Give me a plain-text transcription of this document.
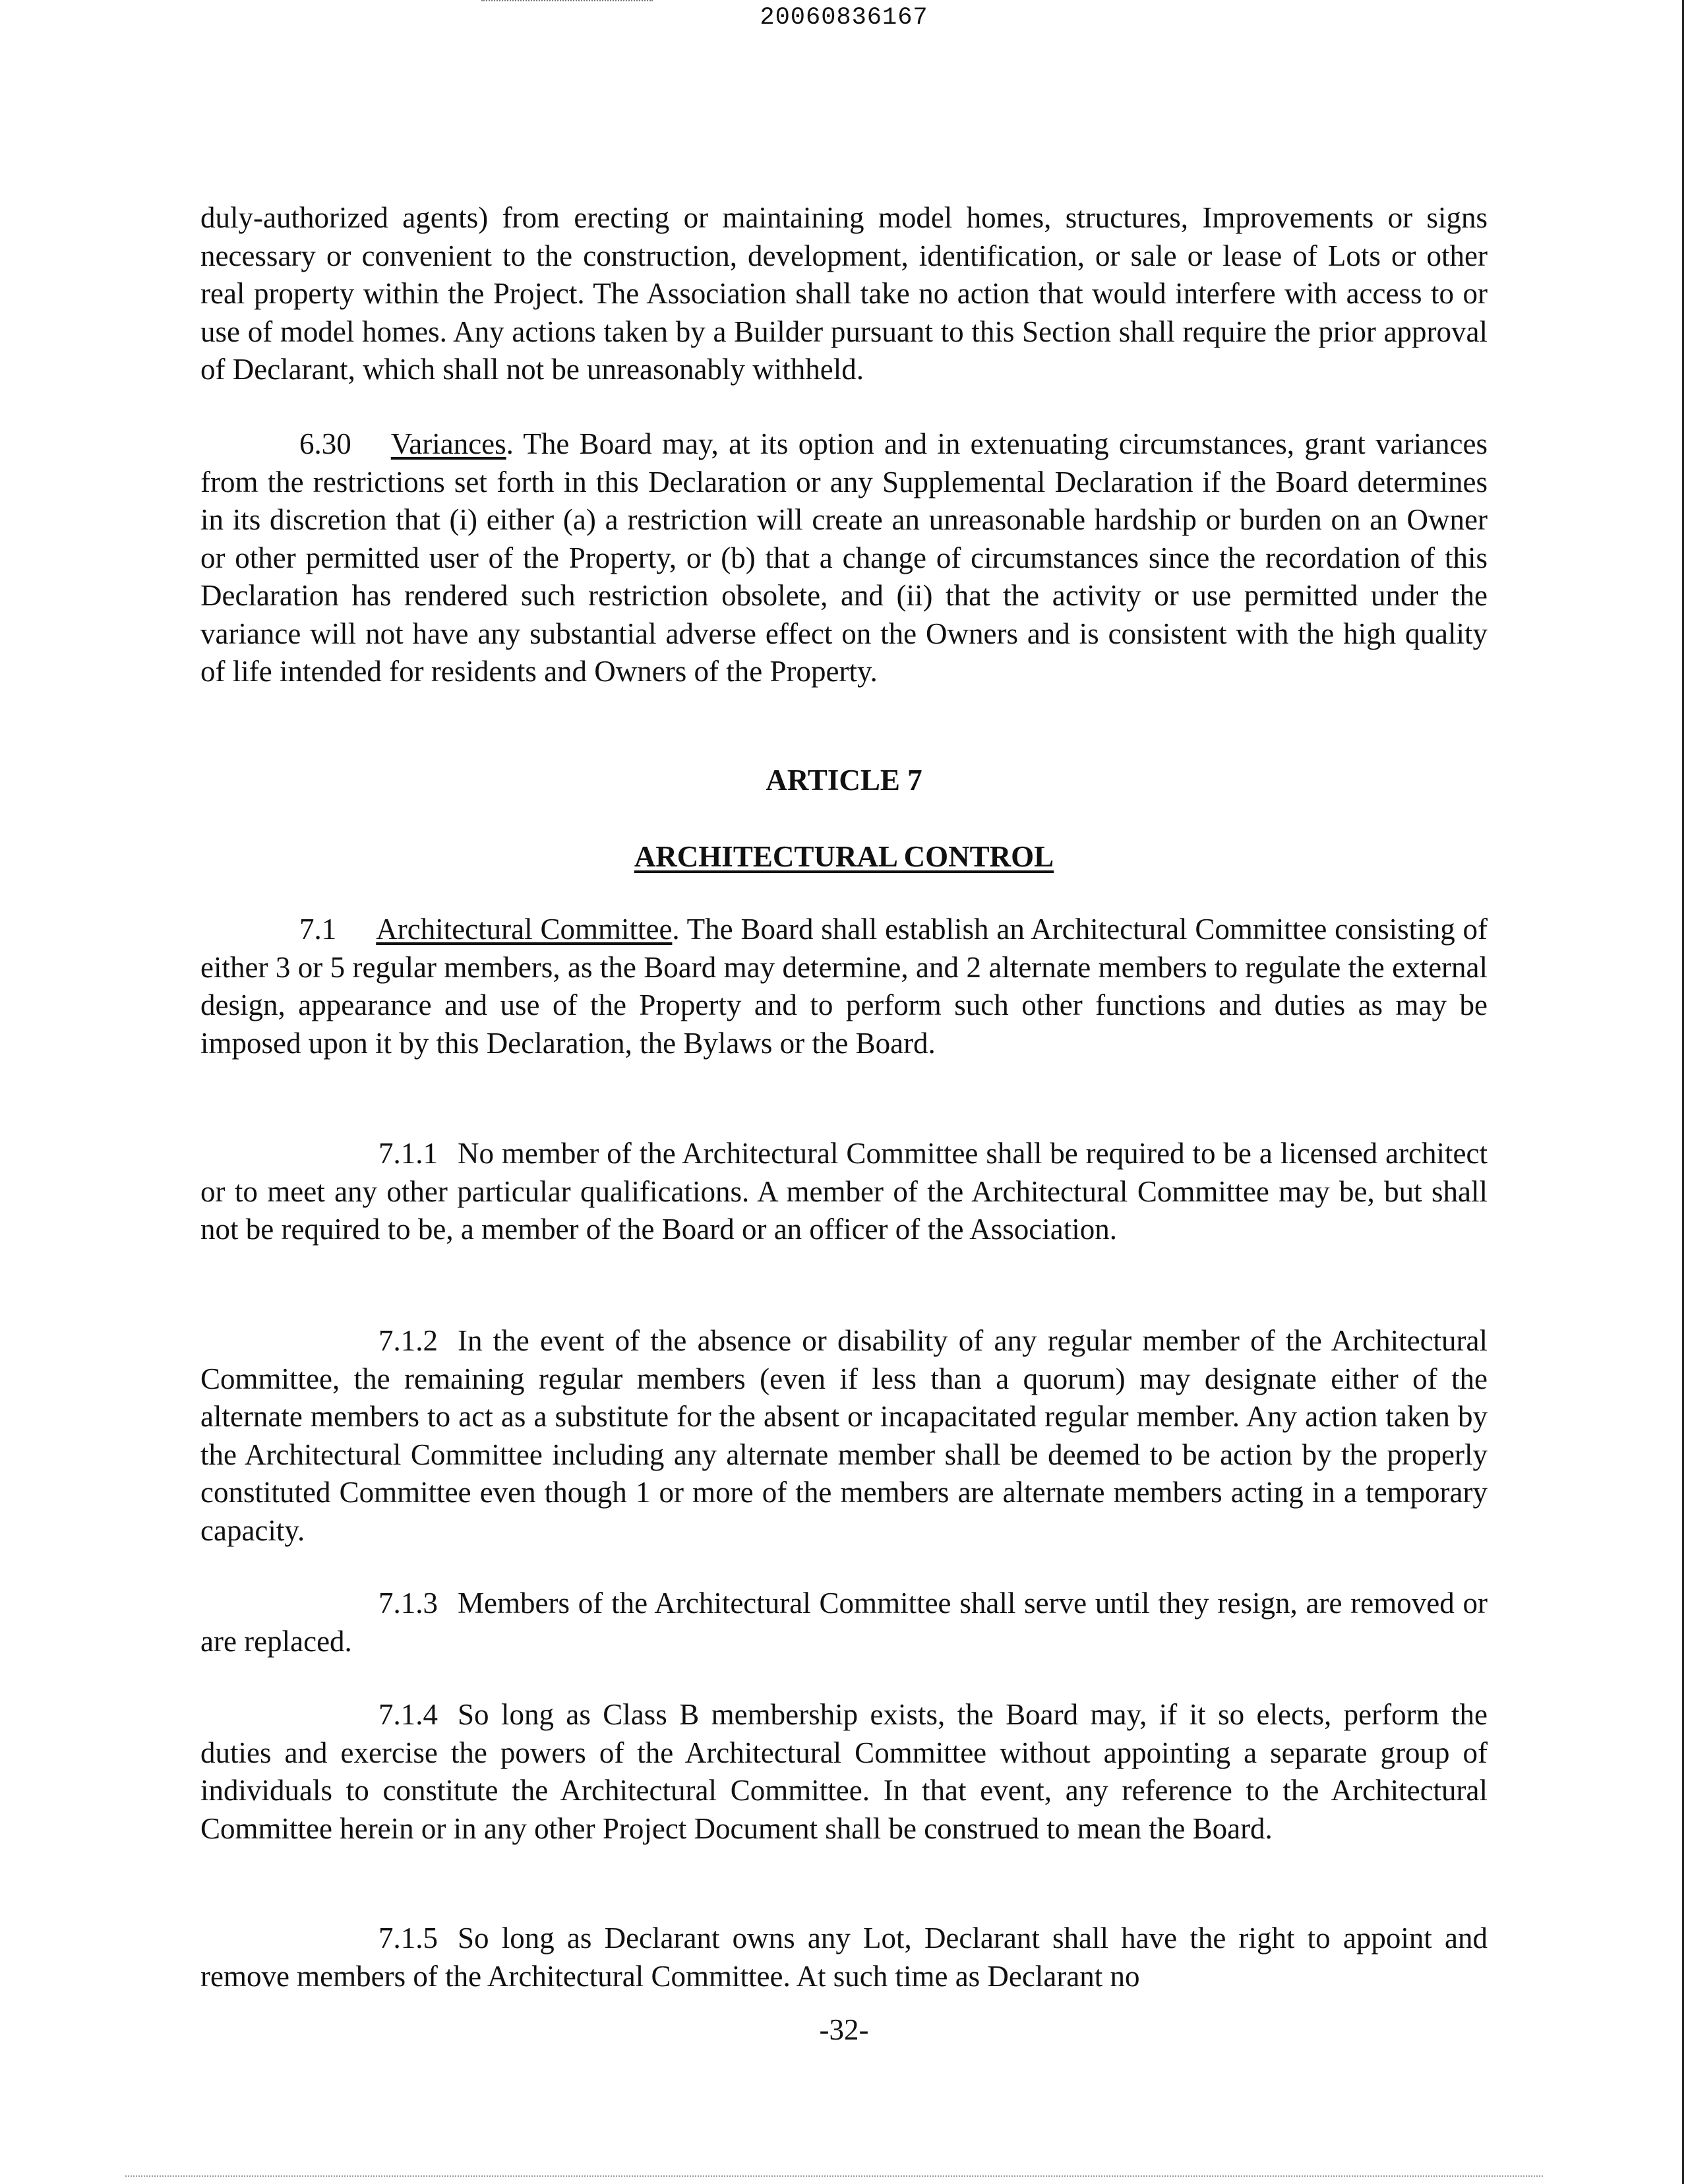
20060836167

duly-authorized agents) from erecting or maintaining model homes, structures, Improvements or signs necessary or convenient to the construction, development, identification, or sale or lease of Lots or other real property within the Project. The Association shall take no action that would interfere with access to or use of model homes. Any actions taken by a Builder pursuant to this Section shall require the prior approval of Declarant, which shall not be unreasonably withheld.

6.30 Variances. The Board may, at its option and in extenuating circumstances, grant variances from the restrictions set forth in this Declaration or any Supplemental Declaration if the Board determines in its discretion that (i) either (a) a restriction will create an unreasonable hardship or burden on an Owner or other permitted user of the Property, or (b) that a change of circumstances since the recordation of this Declaration has rendered such restriction obsolete, and (ii) that the activity or use permitted under the variance will not have any substantial adverse effect on the Owners and is consistent with the high quality of life intended for residents and Owners of the Property.

ARTICLE 7

ARCHITECTURAL CONTROL

7.1 Architectural Committee. The Board shall establish an Architectural Committee consisting of either 3 or 5 regular members, as the Board may determine, and 2 alternate members to regulate the external design, appearance and use of the Property and to perform such other functions and duties as may be imposed upon it by this Declaration, the Bylaws or the Board.

7.1.1 No member of the Architectural Committee shall be required to be a licensed architect or to meet any other particular qualifications. A member of the Architectural Committee may be, but shall not be required to be, a member of the Board or an officer of the Association.

7.1.2 In the event of the absence or disability of any regular member of the Architectural Committee, the remaining regular members (even if less than a quorum) may designate either of the alternate members to act as a substitute for the absent or incapacitated regular member. Any action taken by the Architectural Committee including any alternate member shall be deemed to be action by the properly constituted Committee even though 1 or more of the members are alternate members acting in a temporary capacity.

7.1.3 Members of the Architectural Committee shall serve until they resign, are removed or are replaced.

7.1.4 So long as Class B membership exists, the Board may, if it so elects, perform the duties and exercise the powers of the Architectural Committee without appointing a separate group of individuals to constitute the Architectural Committee. In that event, any reference to the Architectural Committee herein or in any other Project Document shall be construed to mean the Board.

7.1.5 So long as Declarant owns any Lot, Declarant shall have the right to appoint and remove members of the Architectural Committee. At such time as Declarant no

-32-
